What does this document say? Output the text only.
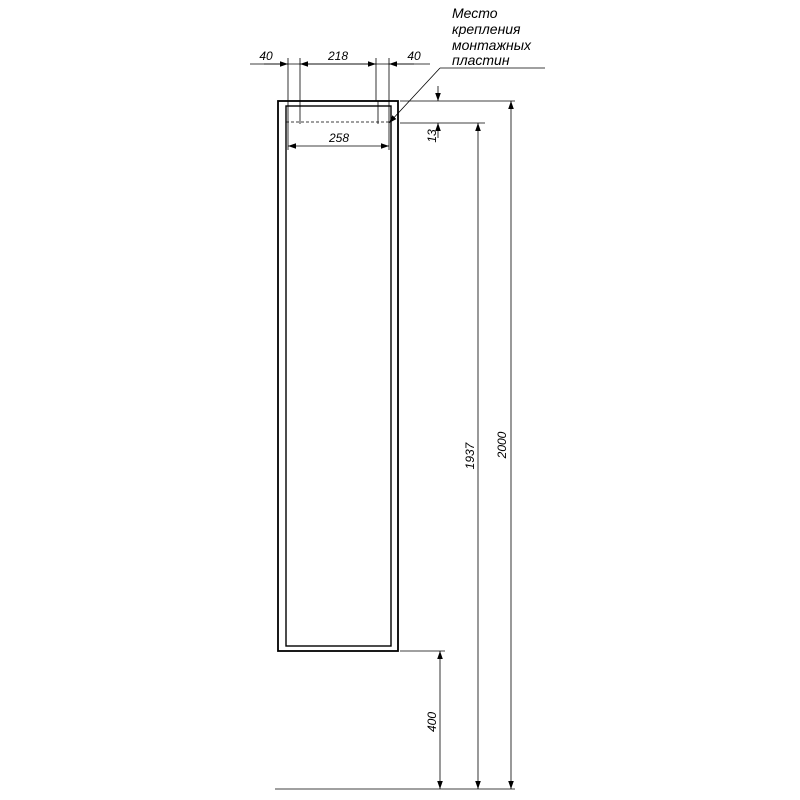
40	218	40
258
Место
крепления
монтажных
пластин
13
1937 2000
400
